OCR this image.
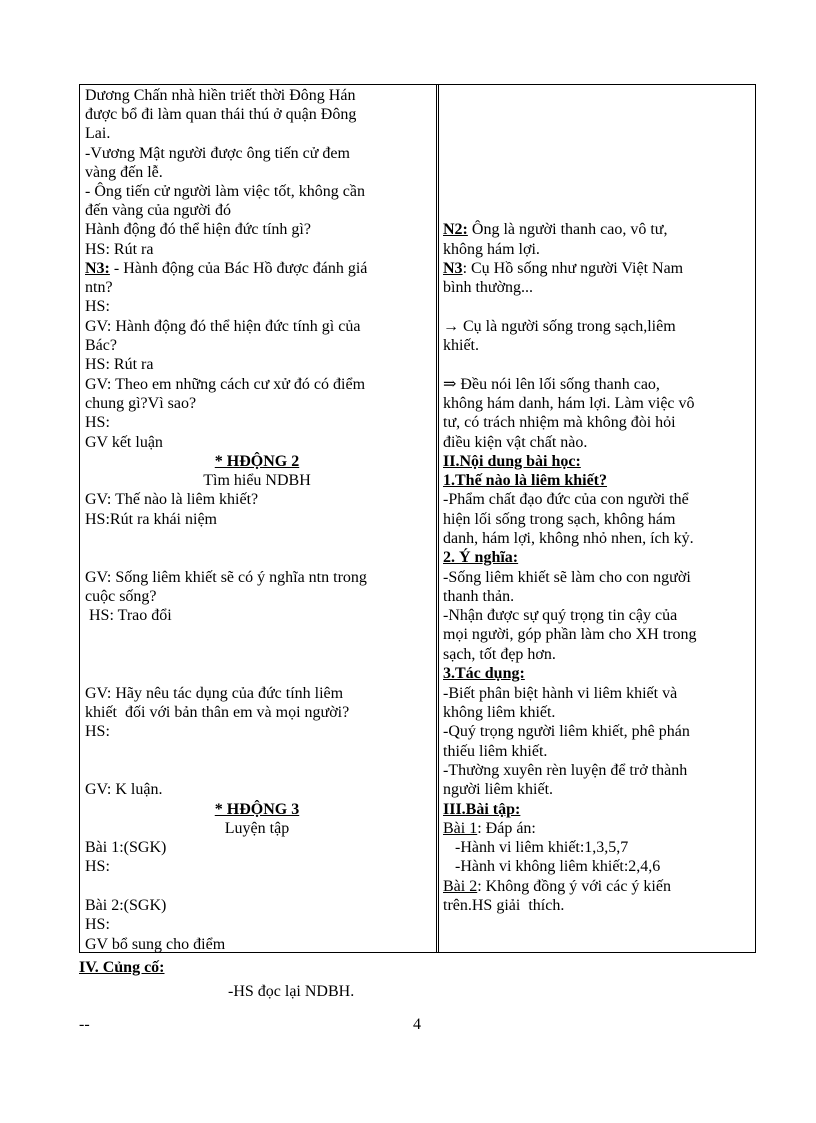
Dương Chấn nhà hiền triết thời Đông Hán
được bổ đi làm quan thái thú ở quận Đông
Lai.
-Vương Mật người được ông tiến cử đem
vàng đến lễ.
- Ông tiến cử người làm việc tốt, không cần
đến vàng của người đó
Hành động đó thể hiện đức tính gì?
HS: Rút ra
N3: - Hành động của Bác Hồ được đánh giá
ntn?
HS:
GV: Hành động đó thể hiện đức tính gì của
Bác?
HS: Rút ra
GV: Theo em những cách cư xử đó có điểm
chung gì?Vì sao?
HS:
GV kết luận
* HĐỘNG 2
Tìm hiểu NDBH
GV: Thế nào là liêm khiết?
HS:Rút ra khái niệm
GV: Sống liêm khiết sẽ có ý nghĩa ntn trong
cuộc sống?
HS: Trao đổi
GV: Hãy nêu tác dụng của đức tính liêm
khiết  đối với bản thân em và mọi người?
HS:
GV: K luận.
* HĐỘNG 3
Luyện tập
Bài 1:(SGK)
HS:
Bài 2:(SGK)
HS:
GV bổ sung cho điểm
N2: Ông là người thanh cao, vô tư,
không hám lợi.
N3: Cụ Hồ sống như người Việt Nam
bình thường...
→ Cụ là người sống trong sạch,liêm
khiết.
⇒ Đều nói lên lối sống thanh cao,
không hám danh, hám lợi. Làm việc vô
tư, có trách nhiệm mà không đòi hỏi
điều kiện vật chất nào.
II.Nội dung bài học:
1.Thế nào là liêm khiết?
-Phẩm chất đạo đức của con người thể
hiện lối sống trong sạch, không hám
danh, hám lợi, không nhỏ nhen, ích kỷ.
2. Ý nghĩa:
-Sống liêm khiết sẽ làm cho con người
thanh thản.
-Nhận được sự quý trọng tin cậy của
mọi người, góp phần làm cho XH trong
sạch, tốt đẹp hơn.
3.Tác dụng:
-Biết phân biệt hành vi liêm khiết và
không liêm khiết.
-Quý trọng người liêm khiết, phê phán
thiếu liêm khiết.
-Thường xuyên rèn luyện để trở thành
người liêm khiết.
III.Bài tập:
Bài 1: Đáp án:
-Hành vi liêm khiết:1,3,5,7
-Hành vi không liêm khiết:2,4,6
Bài 2: Không đồng ý với các ý kiến
trên.HS giải  thích.
IV. Củng cố:
-HS đọc lại NDBH.
--	4
